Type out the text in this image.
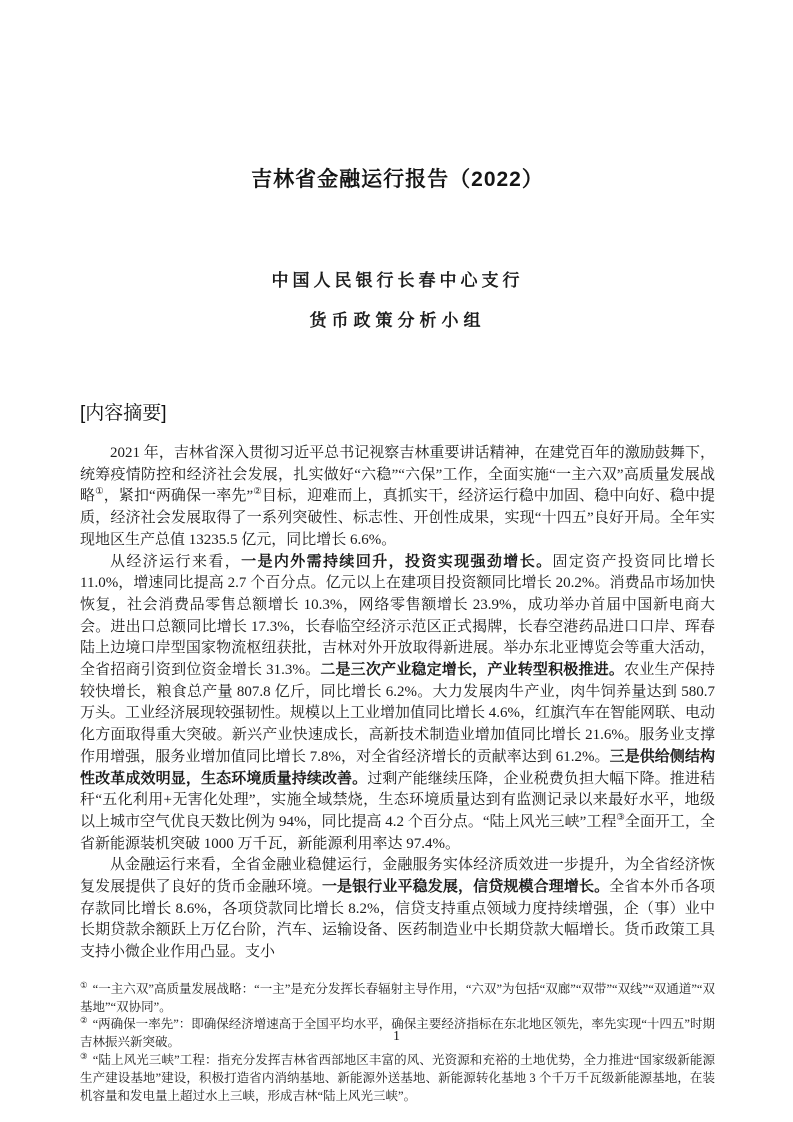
吉林省金融运行报告（2022）
中国人民银行长春中心支行
货币政策分析小组
[内容摘要]

2021 年，吉林省深入贯彻习近平总书记视察吉林重要讲话精神，在建党百年的激励鼓舞下，统筹疫情防控和经济社会发展，扎实做好“六稳”“六保”工作，全面实施“一主六双”高质量发展战略①，紧扣“两确保一率先”②目标，迎难而上，真抓实干，经济运行稳中加固、稳中向好、稳中提质，经济社会发展取得了一系列突破性、标志性、开创性成果，实现“十四五”良好开局。全年实现地区生产总值 13235.5 亿元，同比增长 6.6%。

从经济运行来看，一是内外需持续回升，投资实现强劲增长。固定资产投资同比增长 11.0%，增速同比提高 2.7 个百分点。亿元以上在建项目投资额同比增长 20.2%。消费品市场加快恢复，社会消费品零售总额增长 10.3%，网络零售额增长 23.9%，成功举办首届中国新电商大会。进出口总额同比增长 17.3%，长春临空经济示范区正式揭牌，长春空港药品进口口岸、珲春陆上边境口岸型国家物流枢纽获批，吉林对外开放取得新进展。举办东北亚博览会等重大活动，全省招商引资到位资金增长 31.3%。二是三次产业稳定增长，产业转型积极推进。农业生产保持较快增长，粮食总产量 807.8 亿斤，同比增长 6.2%。大力发展肉牛产业，肉牛饲养量达到 580.7 万头。工业经济展现较强韧性。规模以上工业增加值同比增长 4.6%，红旗汽车在智能网联、电动化方面取得重大突破。新兴产业快速成长，高新技术制造业增加值同比增长 21.6%。服务业支撑作用增强，服务业增加值同比增长 7.8%，对全省经济增长的贡献率达到 61.2%。三是供给侧结构性改革成效明显，生态环境质量持续改善。过剩产能继续压降，企业税费负担大幅下降。推进秸秆“五化利用+无害化处理”，实施全域禁烧，生态环境质量达到有监测记录以来最好水平，地级以上城市空气优良天数比例为 94%，同比提高 4.2 个百分点。“陆上风光三峡”工程③全面开工，全省新能源装机突破 1000 万千瓦，新能源利用率达 97.4%。

从金融运行来看，全省金融业稳健运行，金融服务实体经济质效进一步提升，为全省经济恢复发展提供了良好的货币金融环境。一是银行业平稳发展，信贷规模合理增长。全省本外币各项存款同比增长 8.6%，各项贷款同比增长 8.2%，信贷支持重点领域力度持续增强，企（事）业中长期贷款余额跃上万亿台阶，汽车、运输设备、医药制造业中长期贷款大幅增长。货币政策工具支持小微企业作用凸显。支小

① “一主六双”高质量发展战略：“一主”是充分发挥长春辐射主导作用，“六双”为包括“双廊”“双带”“双线”“双通道”“双基地”“双协同”。

② “两确保一率先”：即确保经济增速高于全国平均水平，确保主要经济指标在东北地区领先，率先实现“十四五”时期吉林振兴新突破。

③ “陆上风光三峡”工程：指充分发挥吉林省西部地区丰富的风、光资源和充裕的土地优势，全力推进“国家级新能源生产建设基地”建设，积极打造省内消纳基地、新能源外送基地、新能源转化基地 3 个千万千瓦级新能源基地，在装机容量和发电量上超过水上三峡，形成吉林“陆上风光三峡”。

1
